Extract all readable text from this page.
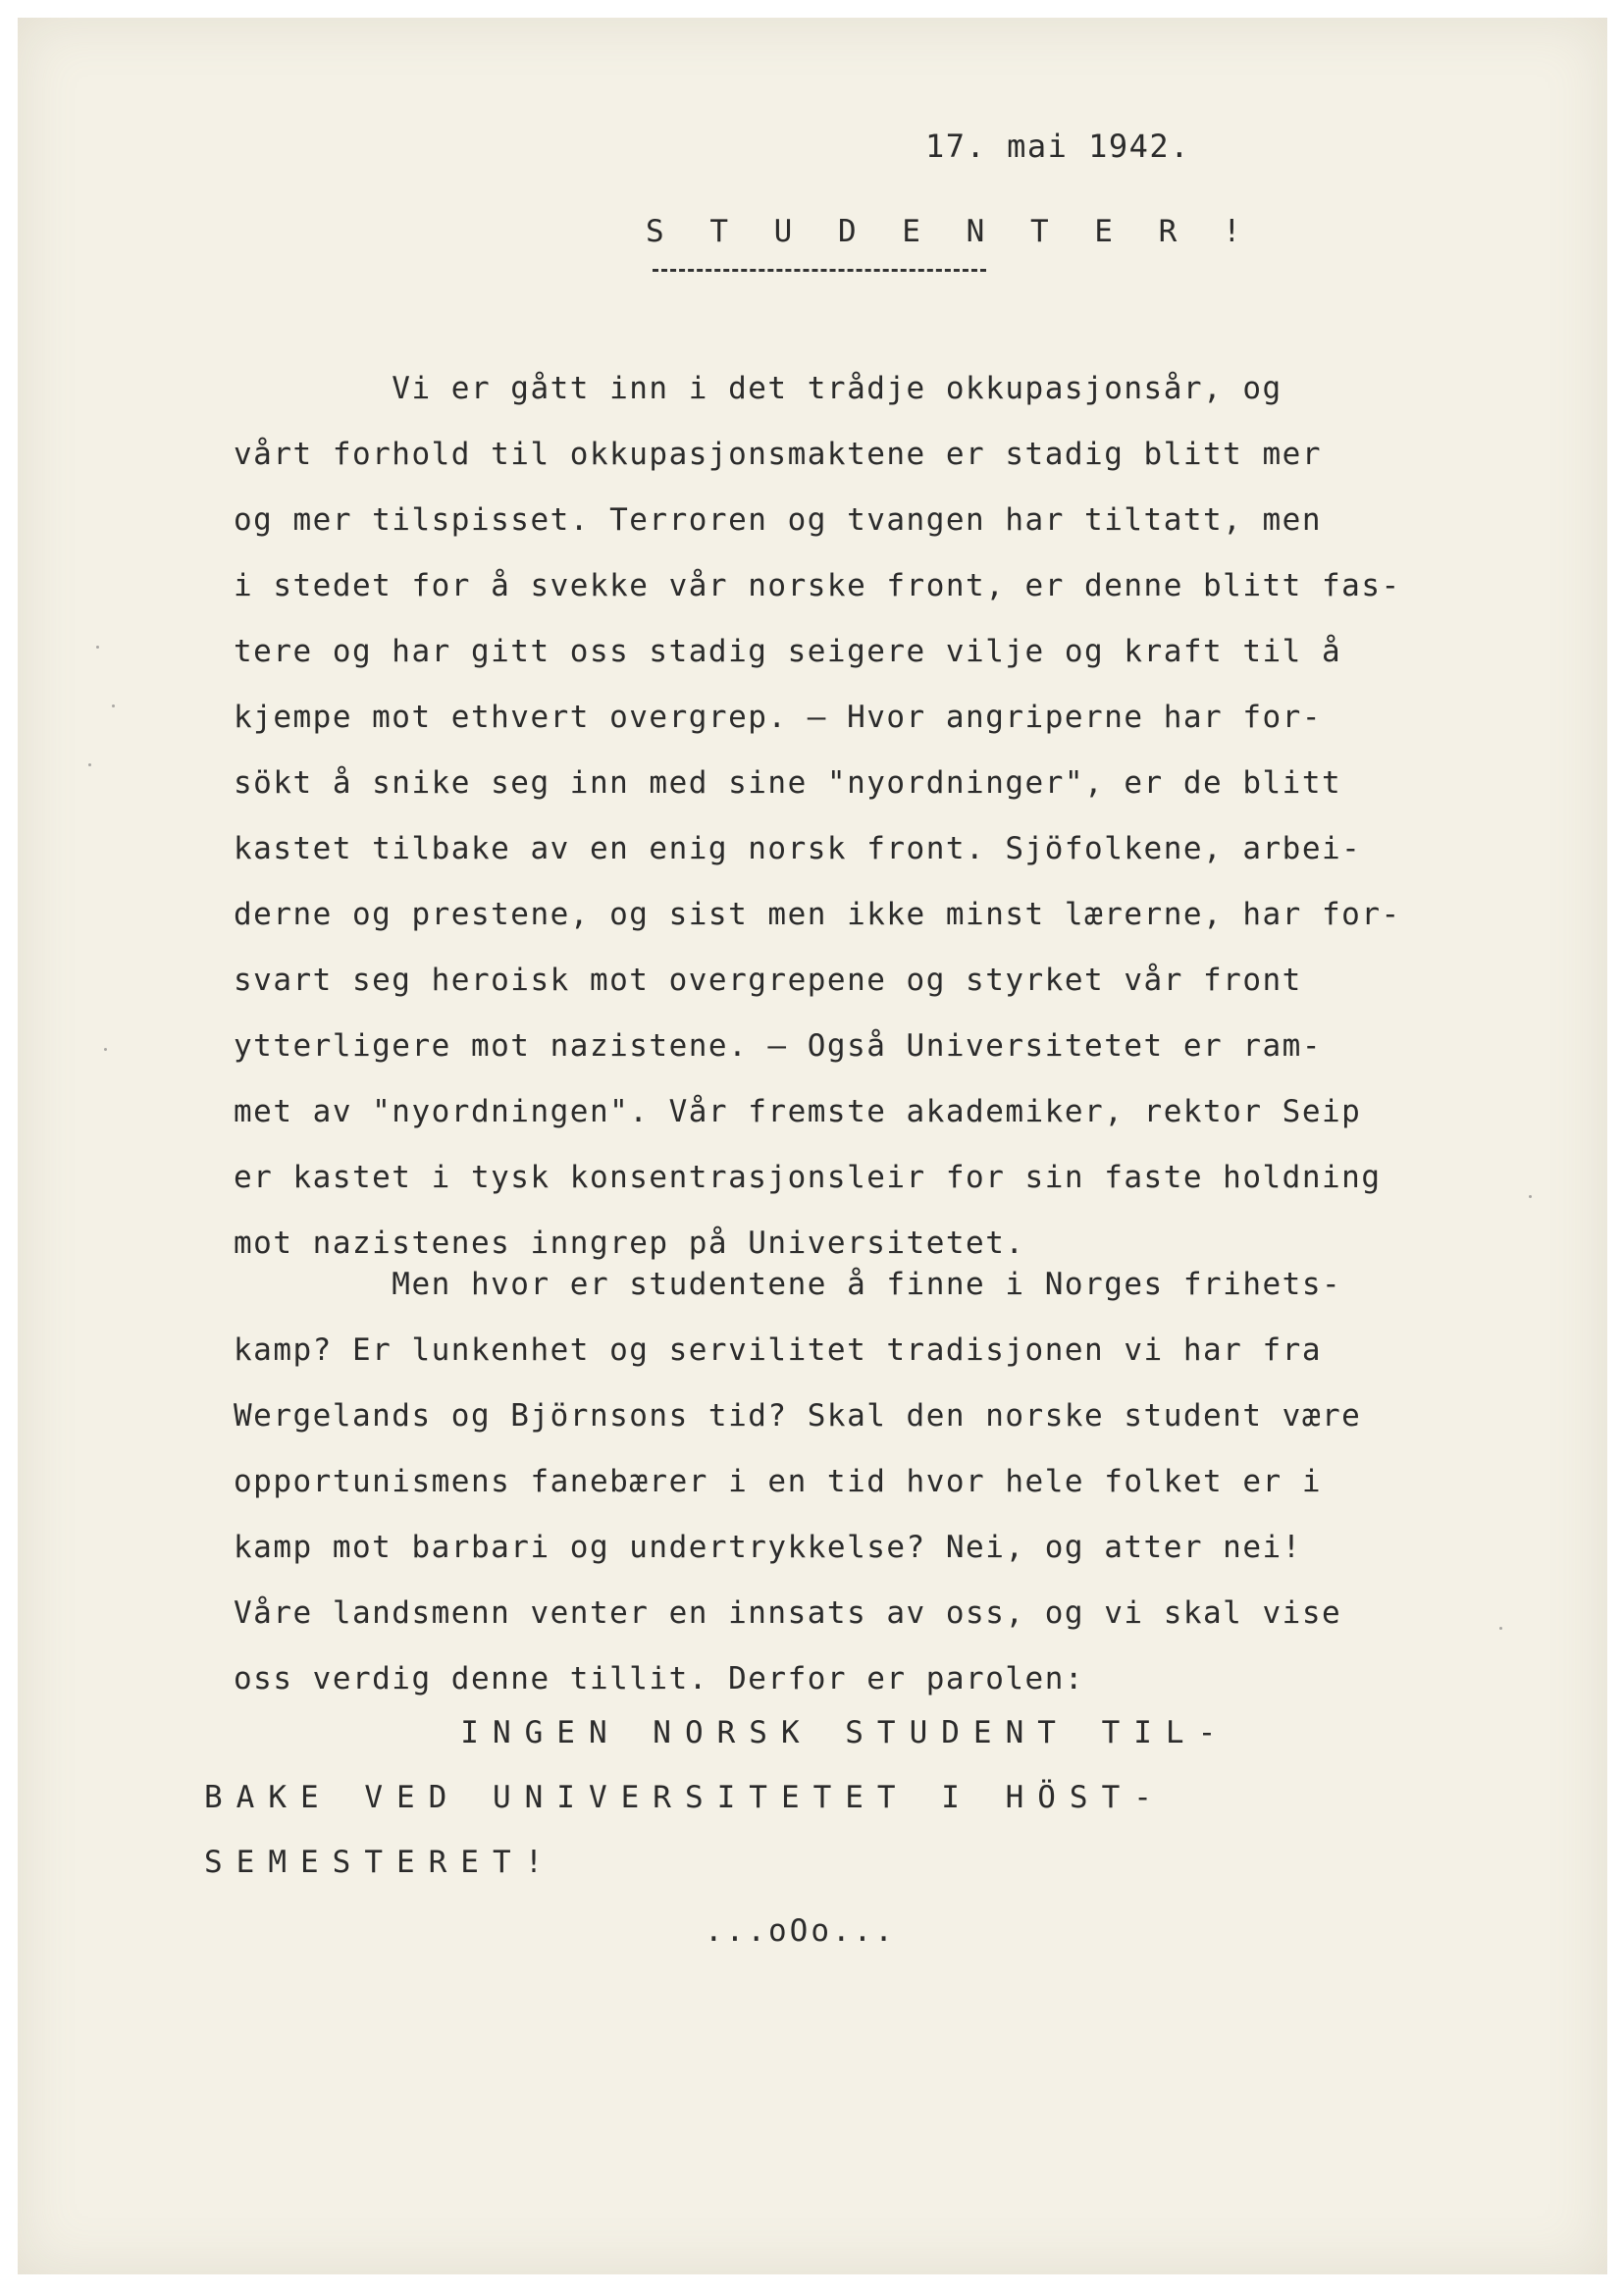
17. mai 1942.
S T U D E N T E R !
Vi er gått inn i det trådje okkupasjonsår, og
vårt forhold til okkupasjonsmaktene er stadig blitt mer
og mer tilspisset. Terroren og tvangen har tiltatt, men
i stedet for å svekke vår norske front, er denne blitt fas-
tere og har gitt oss stadig seigere vilje og kraft til å
kjempe mot ethvert overgrep. — Hvor angriperne har for-
sökt å snike seg inn med sine "nyordninger", er de blitt
kastet tilbake av en enig norsk front. Sjöfolkene, arbei-
derne og prestene, og sist men ikke minst lærerne, har for-
svart seg heroisk mot overgrepene og styrket vår front
ytterligere mot nazistene. — Også Universitetet er ram-
met av "nyordningen". Vår fremste akademiker, rektor Seip
er kastet i tysk konsentrasjonsleir for sin faste holdning
mot nazistenes inngrep på Universitetet.
Men hvor er studentene å finne i Norges frihets-
kamp? Er lunkenhet og servilitet tradisjonen vi har fra
Wergelands og Björnsons tid? Skal den norske student være
opportunismens fanebærer i en tid hvor hele folket er i
kamp mot barbari og undertrykkelse? Nei, og atter nei!
Våre landsmenn venter en innsats av oss, og vi skal vise
oss verdig denne tillit. Derfor er parolen:
INGEN NORSK STUDENT TIL-
BAKE VED UNIVERSITETET I HÖST-
SEMESTERET!
...oOo...
